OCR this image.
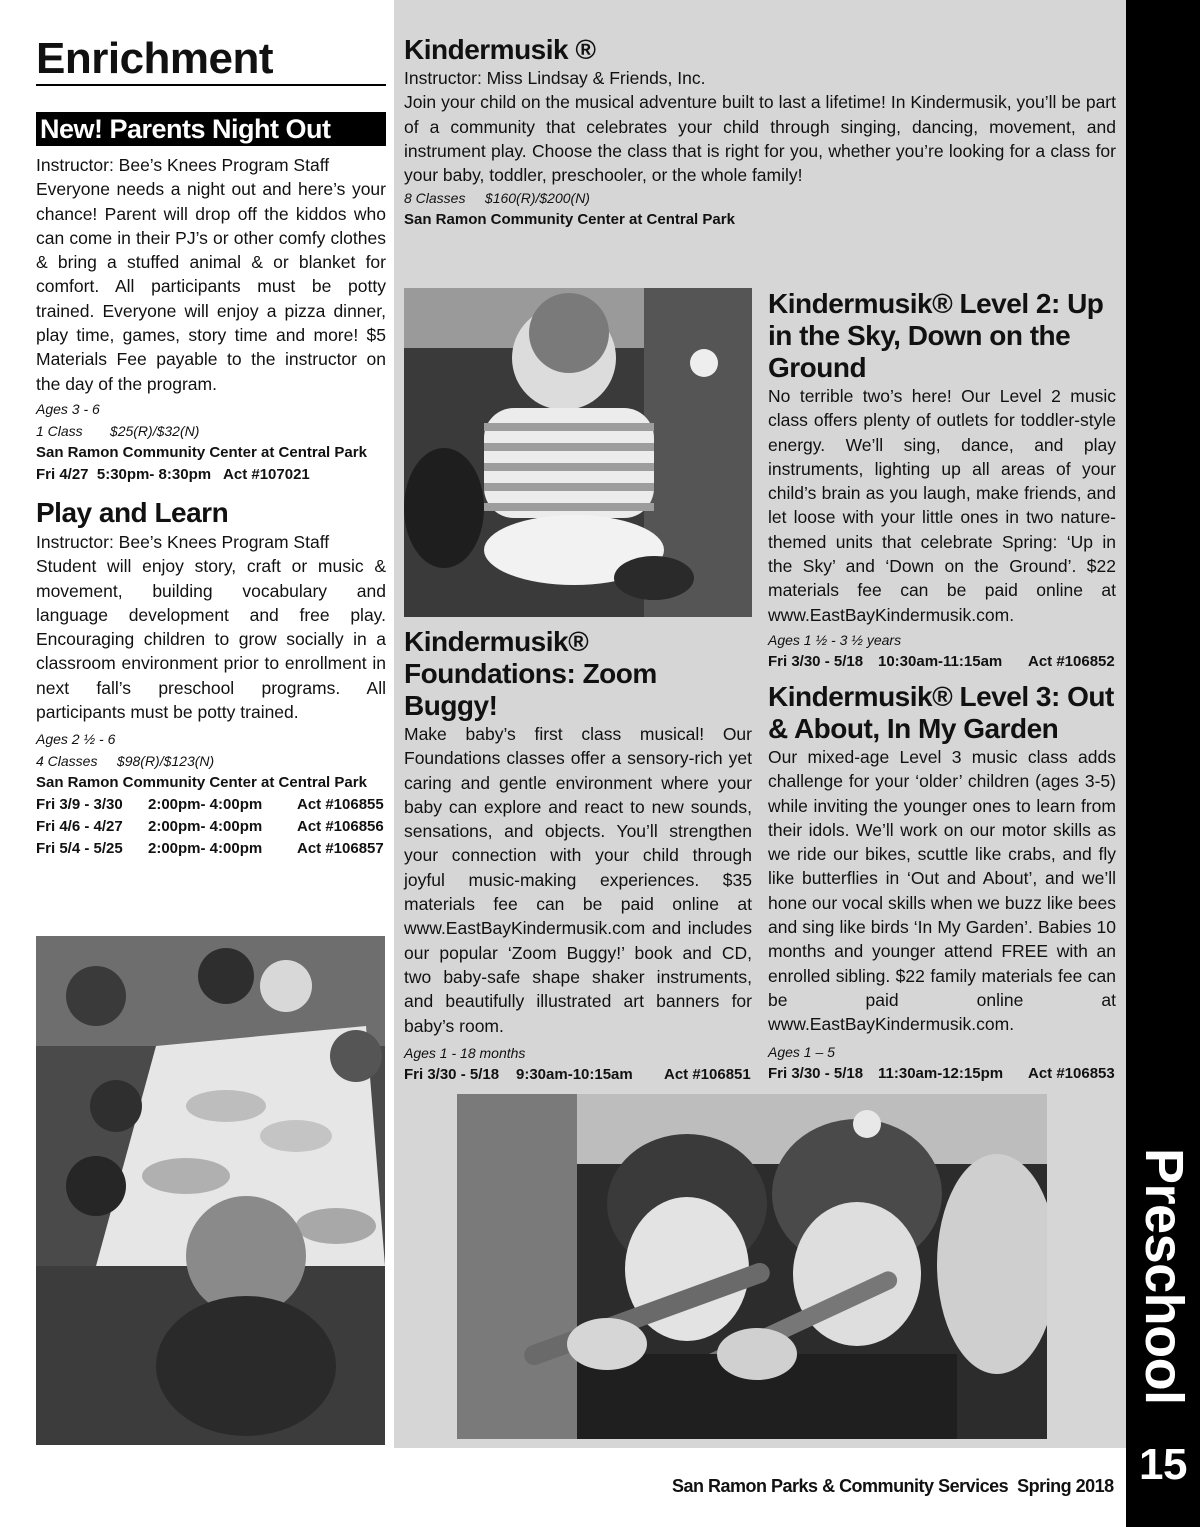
Enrichment
New! Parents Night Out

Instructor: Bee’s Knees Program Staff

Everyone needs a night out and here’s your chance! Parent will drop off the kiddos who can come in their PJ’s or other comfy clothes & bring a stuffed animal & or blanket for comfort. All participants must be potty trained. Everyone will enjoy a pizza dinner, play time, games, story time and more! $5 Materials Fee payable to the instructor on the day of the program.

Ages 3 - 6

1 Class       $25(R)/$32(N)

San Ramon Community Center at Central Park

Fri 4/27  5:30pm- 8:30pm   Act #107021

Play and Learn

Instructor: Bee’s Knees Program Staff

Student will enjoy story, craft or music & movement, building vocabulary and language development and free play. Encouraging children to grow socially in a classroom environment prior to enrollment in next fall’s preschool programs. All participants must be potty trained.

Ages 2 ½ - 6

4 Classes     $98(R)/$123(N)

San Ramon Community Center at Central Park

Fri 3/9 - 3/30	2:00pm- 4:00pm	Act #106855
Fri 4/6 - 4/27	2:00pm- 4:00pm	Act #106856
Fri 5/4 - 5/25	2:00pm- 4:00pm	Act #106857
Kindermusik ®

Instructor: Miss Lindsay & Friends, Inc.

Join your child on the musical adventure built to last a lifetime! In Kindermusik, you’ll be part of a community that celebrates your child through singing, dancing, movement, and instrument play. Choose the class that is right for you, whether you’re looking for a class for your baby, toddler, preschooler, or the whole family!

8 Classes     $160(R)/$200(N)

San Ramon Community Center at Central Park

Kindermusik® Foundations: Zoom Buggy!

Make baby’s first class musical! Our Foundations classes offer a sensory-rich yet caring and gentle environment where your baby can explore and react to new sounds, sensations, and objects. You’ll strengthen your connection with your child through joyful music-making experiences. $35 materials fee can be paid online at www.EastBayKindermusik.com and includes our popular ‘Zoom Buggy!’ book and CD, two baby-safe shape shaker instruments, and beautifully illustrated art banners for baby’s room.

Ages 1 - 18 months

Fri 3/30 - 5/18	9:30am-10:15am	Act #106851
Kindermusik® Level 2: Up in the Sky, Down on the Ground

No terrible two’s here! Our Level 2 music class offers plenty of outlets for toddler-style energy. We’ll sing, dance, and play instruments, lighting up all areas of your child’s brain as you laugh, make friends, and let loose with your little ones in two nature-themed units that celebrate Spring: ‘Up in the Sky’ and ‘Down on the Ground’. $22 materials fee can be paid online at www.EastBayKindermusik.com.

Ages 1 ½ - 3 ½ years

Fri 3/30 - 5/18 10:30am-11:15am	Act #106852
Kindermusik® Level 3: Out & About, In My Garden

Our mixed-age Level 3 music class adds challenge for your ‘older’ children (ages 3-5) while inviting the younger ones to learn from their idols. We’ll work on our motor skills as we ride our bikes, scuttle like crabs, and fly like butterflies in ‘Out and About’, and we’ll hone our vocal skills when we buzz like bees and sing like birds ‘In My Garden’. Babies 10 months and younger attend FREE with an enrolled sibling. $22 family materials fee can be paid online at www.EastBayKindermusik.com.

Ages 1 – 5

Fri 3/30 - 5/18 11:30am-12:15pm	Act #106853
Preschool
15
San Ramon Parks & Community Services  Spring 2018
